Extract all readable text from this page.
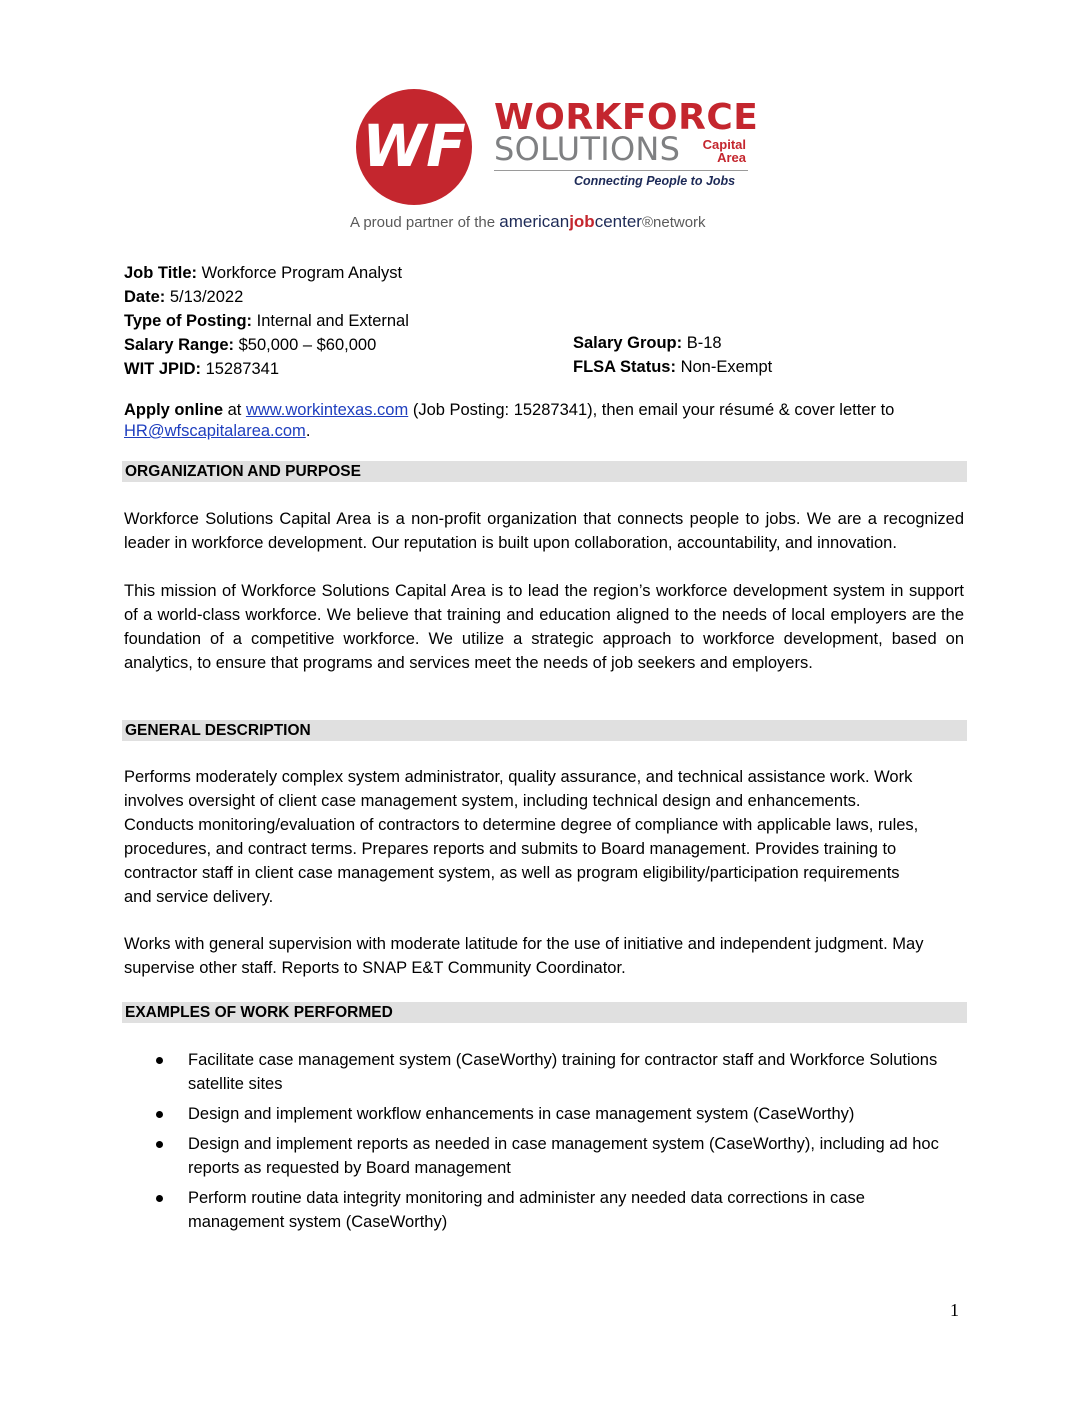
WF WORKFORCE
SOLUTIONS	Capital
Area
Connecting People to Jobs
A proud partner of the americanjobcenter®network
Job Title: Workforce Program Analyst
Date: 5/13/2022
Type of Posting: Internal and External
Salary Range: $50,000 – $60,000
WIT JPID: 15287341
Salary Group: B-18
FLSA Status: Non-Exempt
Apply online at www.workintexas.com (Job Posting: 15287341), then email your résumé & cover letter to HR@wfscapitalarea.com.
ORGANIZATION AND PURPOSE
Workforce Solutions Capital Area is a non-profit organization that connects people to jobs. We are a recognized leader in workforce development. Our reputation is built upon collaboration, accountability, and innovation.
This mission of Workforce Solutions Capital Area is to lead the region’s workforce development system in support of a world-class workforce. We believe that training and education aligned to the needs of local employers are the foundation of a competitive workforce. We utilize a strategic approach to workforce development, based on analytics, to ensure that programs and services meet the needs of job seekers and employers.
GENERAL DESCRIPTION
Performs moderately complex system administrator, quality assurance, and technical assistance work. Work involves oversight of client case management system, including technical design and enhancements. Conducts monitoring/evaluation of contractors to determine degree of compliance with applicable laws, rules, procedures, and contract terms. Prepares reports and submits to Board management. Provides training to contractor staff in client case management system, as well as program eligibility/participation requirements and service delivery.
Works with general supervision with moderate latitude for the use of initiative and independent judgment. May supervise other staff. Reports to SNAP E&T Community Coordinator.
EXAMPLES OF WORK PERFORMED
Facilitate case management system (CaseWorthy) training for contractor staff and Workforce Solutions satellite sites
Design and implement workflow enhancements in case management system (CaseWorthy)
Design and implement reports as needed in case management system (CaseWorthy), including ad hoc reports as requested by Board management
Perform routine data integrity monitoring and administer any needed data corrections in case management system (CaseWorthy)
1
